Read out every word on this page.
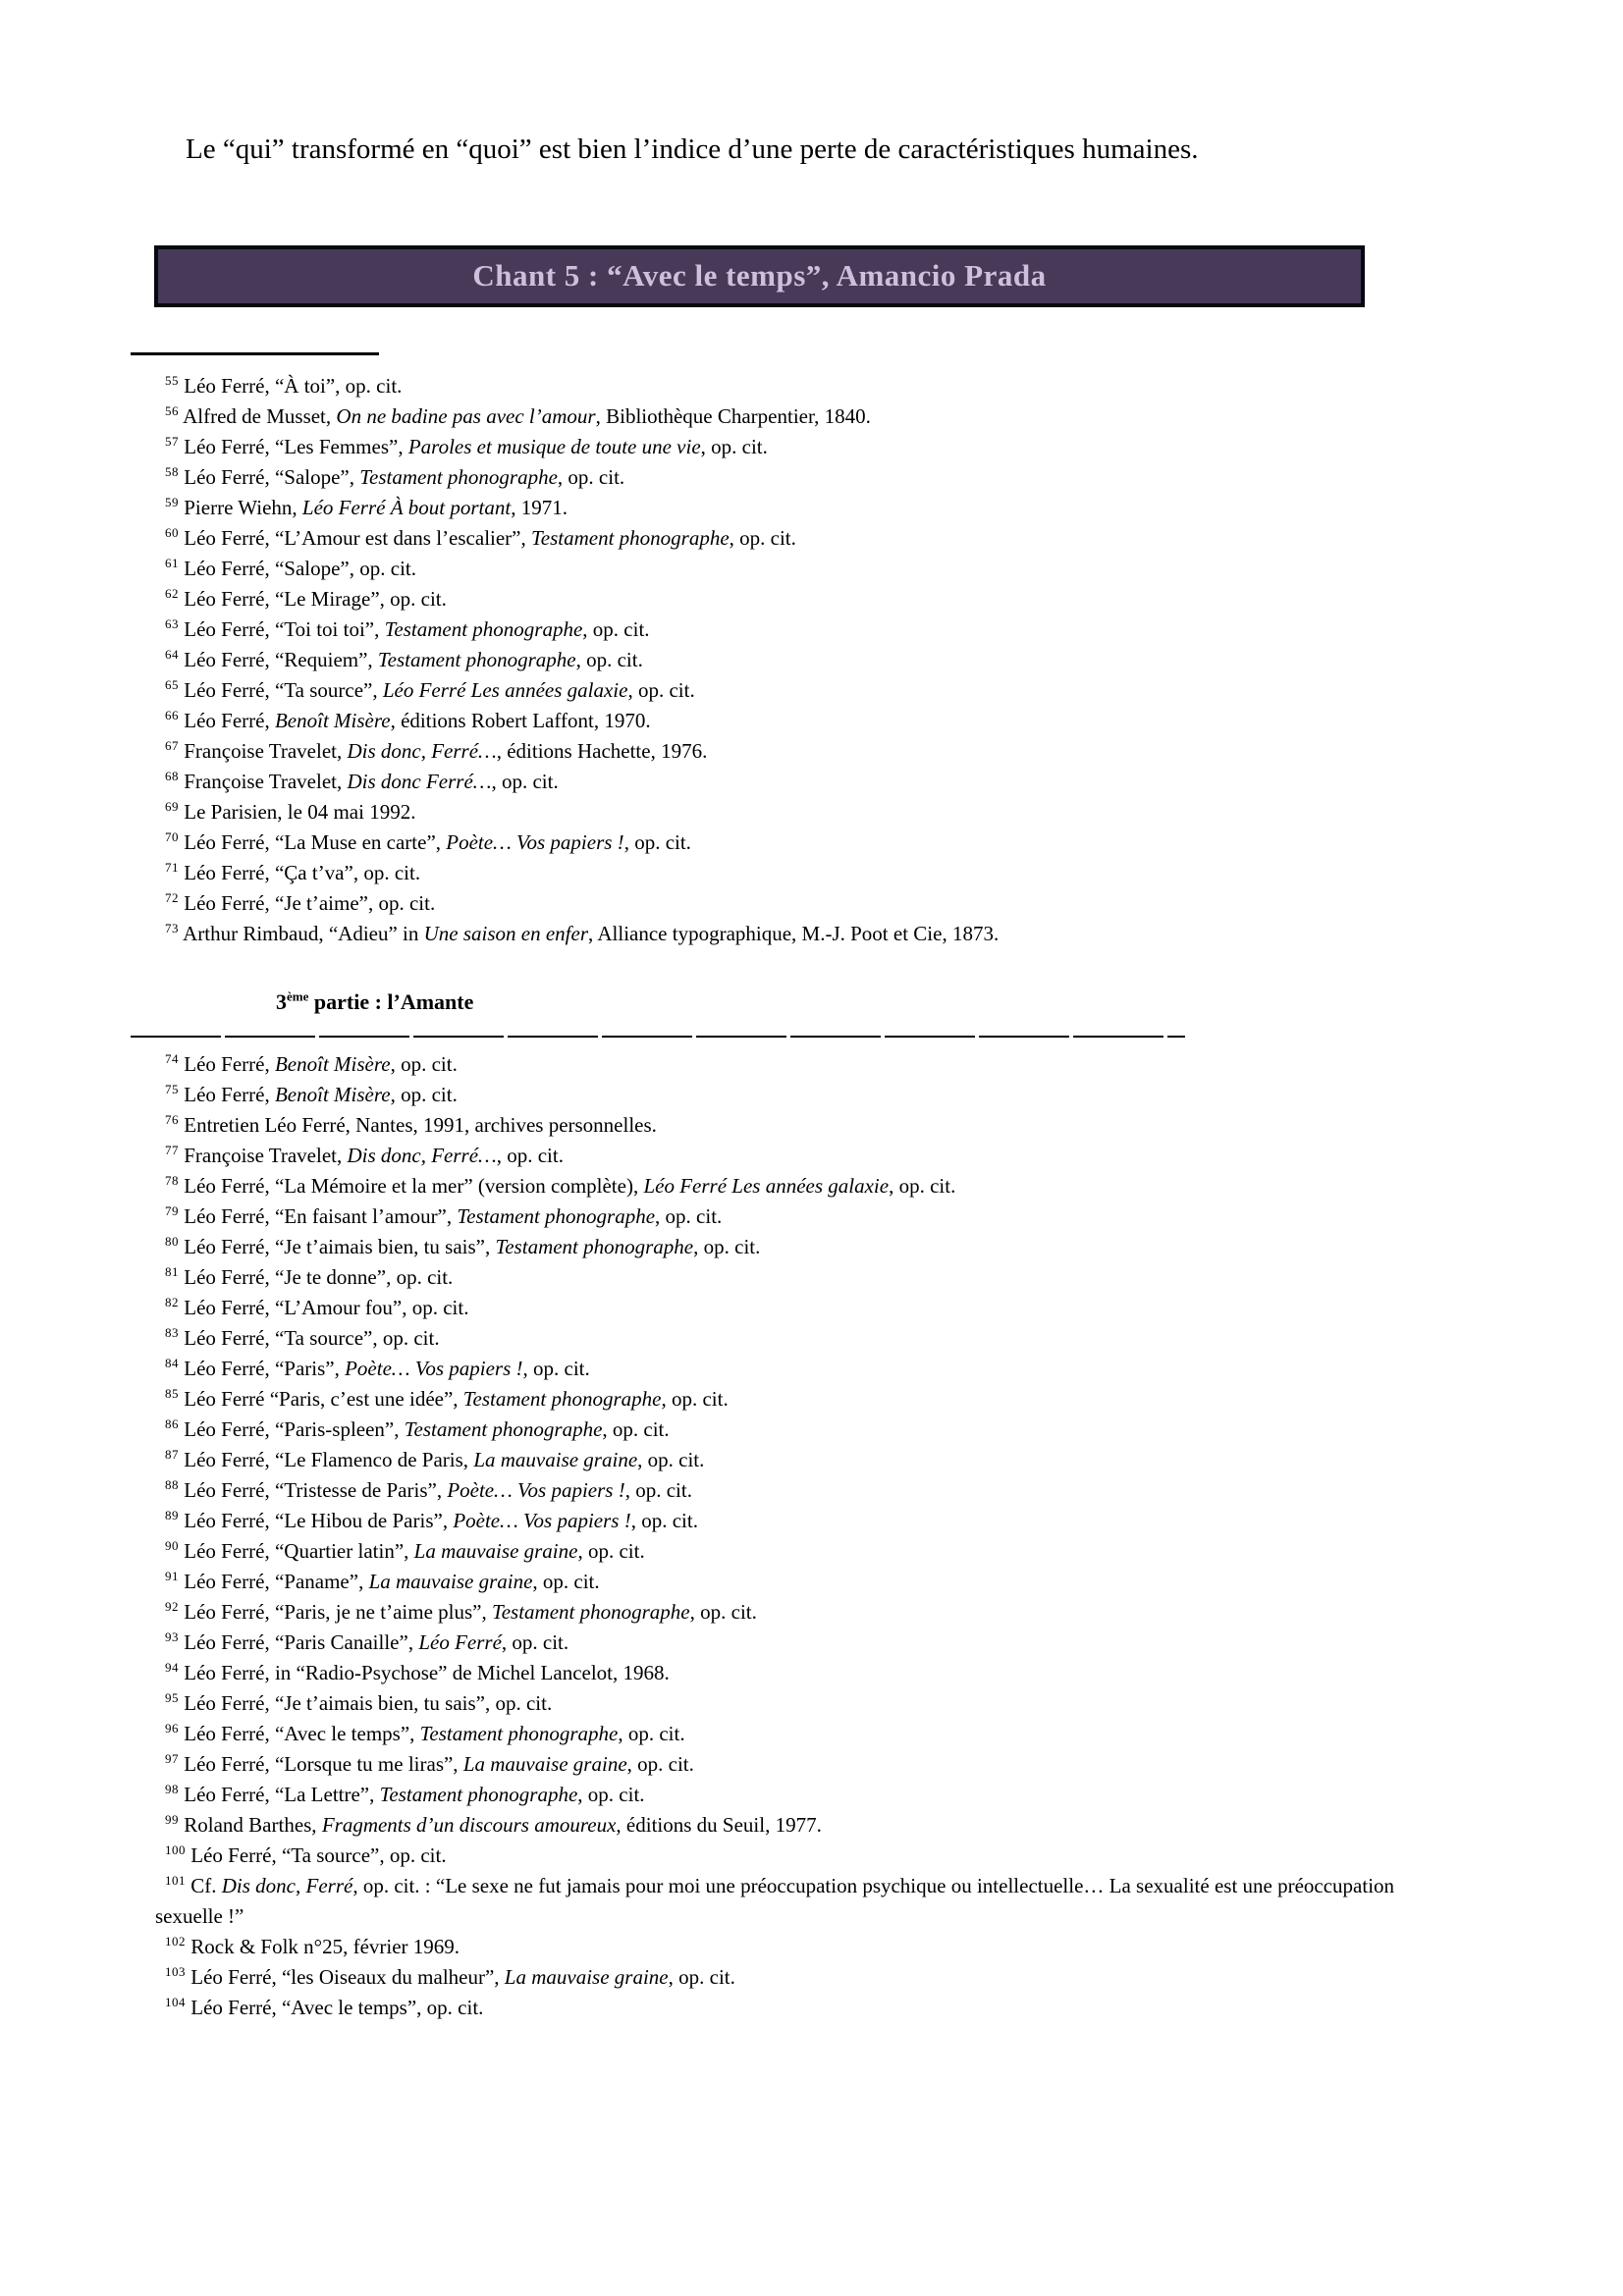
Le “qui” transformé en “quoi” est bien l’indice d’une perte de caractéristiques humaines.

Chant 5 : “Avec le temps”, Amancio Prada

$^{55}$ Léo Ferré, “À toi”, op. cit.

$^{56}$ Alfred de Musset, On ne badine pas avec l’amour, Bibliothèque Charpentier, 1840.

$^{57}$ Léo Ferré, “Les Femmes”, Paroles et musique de toute une vie, op. cit.

$^{58}$ Léo Ferré, “Salope”, Testament phonographe, op. cit.

$^{59}$ Pierre Wiehn, Léo Ferré À bout portant, 1971.

$^{60}$ Léo Ferré, “L’Amour est dans l’escalier”, Testament phonographe, op. cit.

$^{61}$ Léo Ferré, “Salope”, op. cit.

$^{62}$ Léo Ferré, “Le Mirage”, op. cit.

$^{63}$ Léo Ferré, “Toi toi toi”, Testament phonographe, op. cit.

$^{64}$ Léo Ferré, “Requiem”, Testament phonographe, op. cit.

$^{65}$ Léo Ferré, “Ta source”, Léo Ferré Les années galaxie, op. cit.

$^{66}$ Léo Ferré, Benoît Misère, éditions Robert Laffont, 1970.

$^{67}$ Françoise Travelet, Dis donc, Ferré…, éditions Hachette, 1976.

$^{68}$ Françoise Travelet, Dis donc Ferré…, op. cit.

$^{69}$ Le Parisien, le 04 mai 1992.

$^{70}$ Léo Ferré, “La Muse en carte”, Poète… Vos papiers !, op. cit.

$^{71}$ Léo Ferré, “Ça t’va”, op. cit.

$^{72}$ Léo Ferré, “Je t’aime”, op. cit.

$^{73}$ Arthur Rimbaud, “Adieu” in Une saison en enfer, Alliance typographique, M.-J. Poot et Cie, 1873.

3ème partie : l’Amante

$^{74}$ Léo Ferré, Benoît Misère, op. cit.

$^{75}$ Léo Ferré, Benoît Misère, op. cit.

$^{76}$ Entretien Léo Ferré, Nantes, 1991, archives personnelles.

$^{77}$ Françoise Travelet, Dis donc, Ferré…, op. cit.

$^{78}$ Léo Ferré, “La Mémoire et la mer” (version complète), Léo Ferré Les années galaxie, op. cit.

$^{79}$ Léo Ferré, “En faisant l’amour”, Testament phonographe, op. cit.

$^{80}$ Léo Ferré, “Je t’aimais bien, tu sais”, Testament phonographe, op. cit.

$^{81}$ Léo Ferré, “Je te donne”, op. cit.

$^{82}$ Léo Ferré, “L’Amour fou”, op. cit.

$^{83}$ Léo Ferré, “Ta source”, op. cit.

$^{84}$ Léo Ferré, “Paris”, Poète… Vos papiers !, op. cit.

$^{85}$ Léo Ferré “Paris, c’est une idée”, Testament phonographe, op. cit.

$^{86}$ Léo Ferré, “Paris-spleen”, Testament phonographe, op. cit.

$^{87}$ Léo Ferré, “Le Flamenco de Paris, La mauvaise graine, op. cit.

$^{88}$ Léo Ferré, “Tristesse de Paris”, Poète… Vos papiers !, op. cit.

$^{89}$ Léo Ferré, “Le Hibou de Paris”, Poète… Vos papiers !, op. cit.

$^{90}$ Léo Ferré, “Quartier latin”, La mauvaise graine, op. cit.

$^{91}$ Léo Ferré, “Paname”, La mauvaise graine, op. cit.

$^{92}$ Léo Ferré, “Paris, je ne t’aime plus”, Testament phonographe, op. cit.

$^{93}$ Léo Ferré, “Paris Canaille”, Léo Ferré, op. cit.

$^{94}$ Léo Ferré, in “Radio-Psychose” de Michel Lancelot, 1968.

$^{95}$ Léo Ferré, “Je t’aimais bien, tu sais”, op. cit.

$^{96}$ Léo Ferré, “Avec le temps”, Testament phonographe, op. cit.

$^{97}$ Léo Ferré, “Lorsque tu me liras”, La mauvaise graine, op. cit.

$^{98}$ Léo Ferré, “La Lettre”, Testament phonographe, op. cit.

$^{99}$ Roland Barthes, Fragments d’un discours amoureux, éditions du Seuil, 1977.

$^{100}$ Léo Ferré, “Ta source”, op. cit.

$^{101}$ Cf. Dis donc, Ferré, op. cit. : “Le sexe ne fut jamais pour moi une préoccupation psychique ou intellectuelle… La sexualité est une préoccupation sexuelle !”

$^{102}$ Rock & Folk n°25, février 1969.

$^{103}$ Léo Ferré, “les Oiseaux du malheur”, La mauvaise graine, op. cit.

$^{104}$ Léo Ferré, “Avec le temps”, op. cit.
